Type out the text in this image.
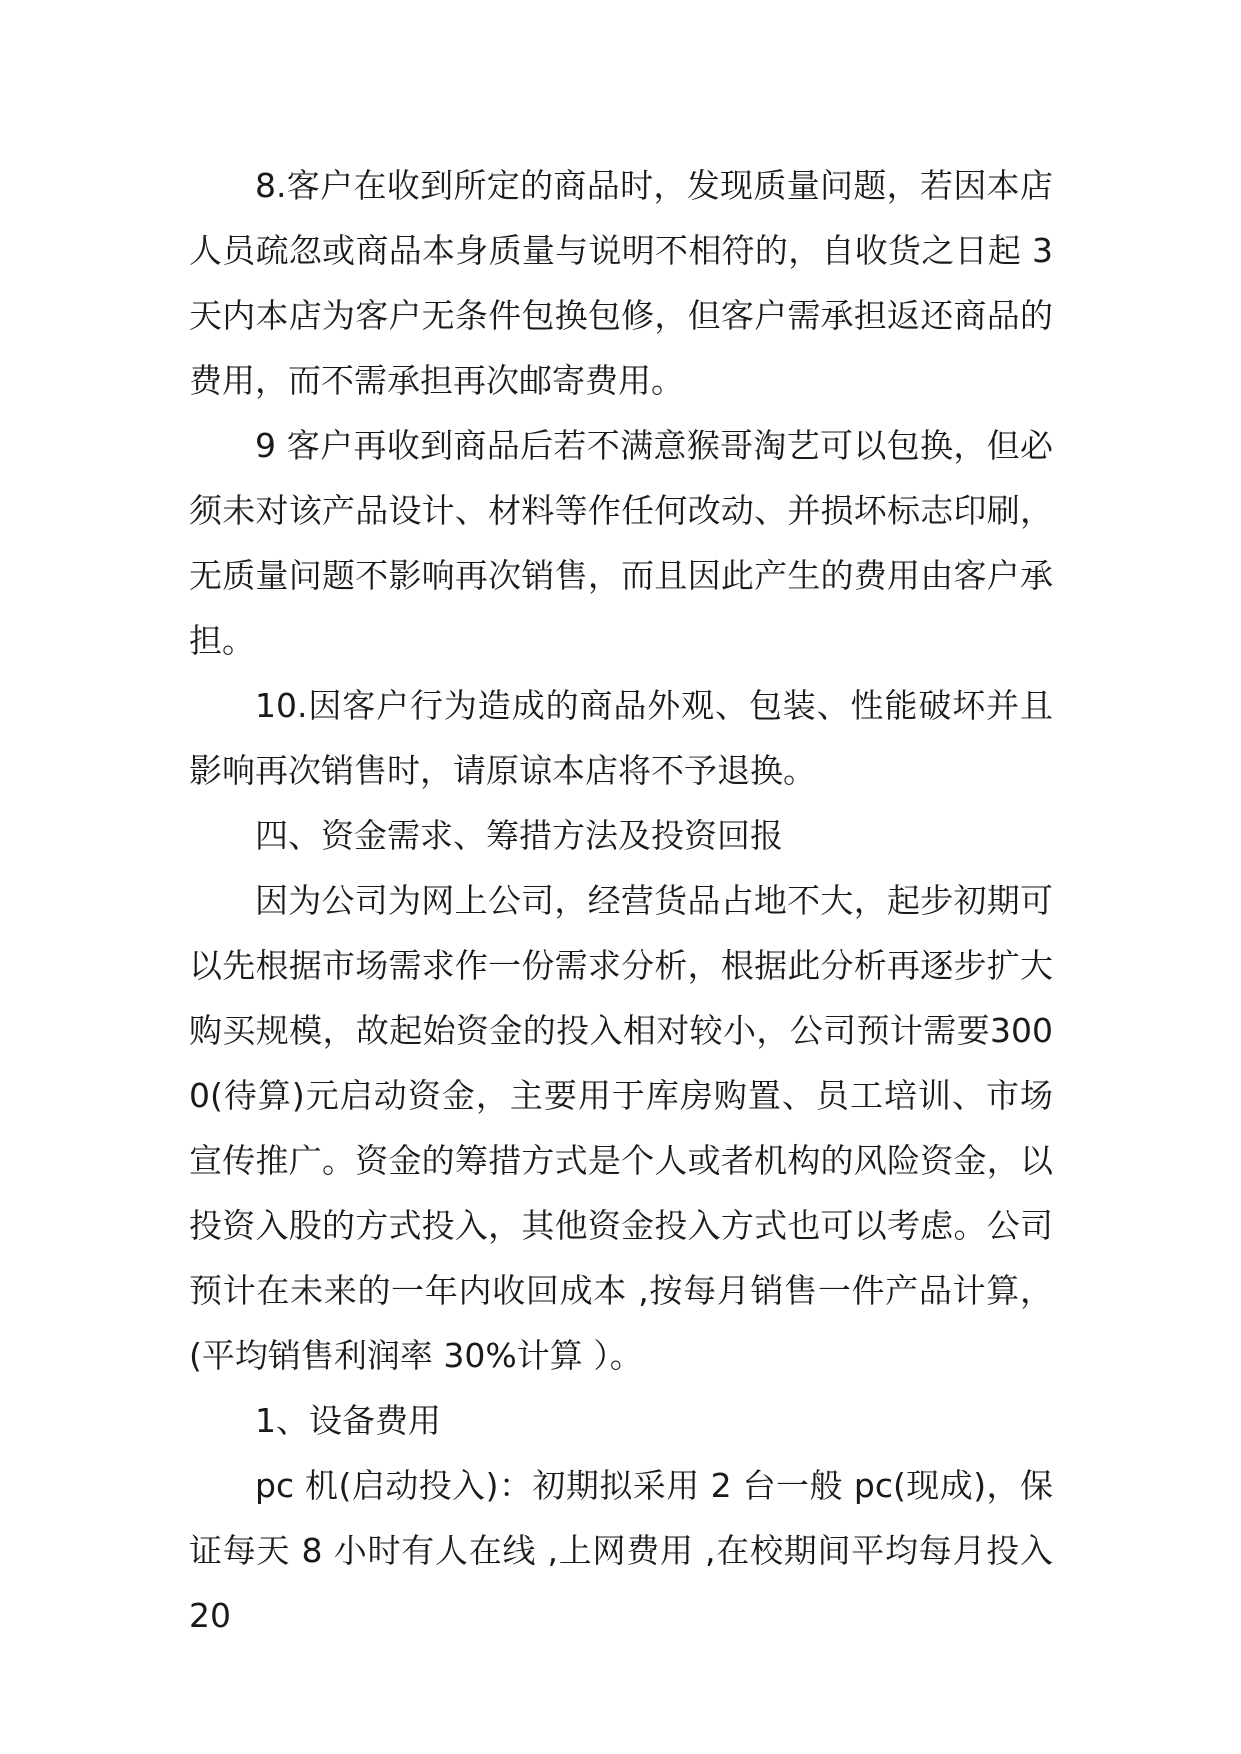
8.客户在收到所定的商品时，发现质量问题，若因本店人员疏忽或商品本身质量与说明不相符的，自收货之日起 3 天内本店为客户无条件包换包修，但客户需承担返还商品的费用，而不需承担再次邮寄费用。

9 客户再收到商品后若不满意猴哥淘艺可以包换，但必须未对该产品设计、材料等作任何改动、并损坏标志印刷，无质量问题不影响再次销售，而且因此产生的费用由客户承担。

10.因客户行为造成的商品外观、包装、性能破坏并且影响再次销售时，请原谅本店将不予退换。

四、资金需求、筹措方法及投资回报

因为公司为网上公司，经营货品占地不大，起步初期可以先根据市场需求作一份需求分析，根据此分析再逐步扩大购买规模，故起始资金的投入相对较小，公司预计需要3000(待算)元启动资金，主要用于库房购置、员工培训、市场宣传推广。资金的筹措方式是个人或者机构的风险资金，以投资入股的方式投入，其他资金投入方式也可以考虑。公司预计在未来的一年内收回成本 ,按每月销售一件产品计算，(平均销售利润率 30%计算 ）。

1、设备费用

pc 机(启动投入)：初期拟采用 2 台一般 pc(现成)，保证每天 8 小时有人在线 ,上网费用 ,在校期间平均每月投入 20
